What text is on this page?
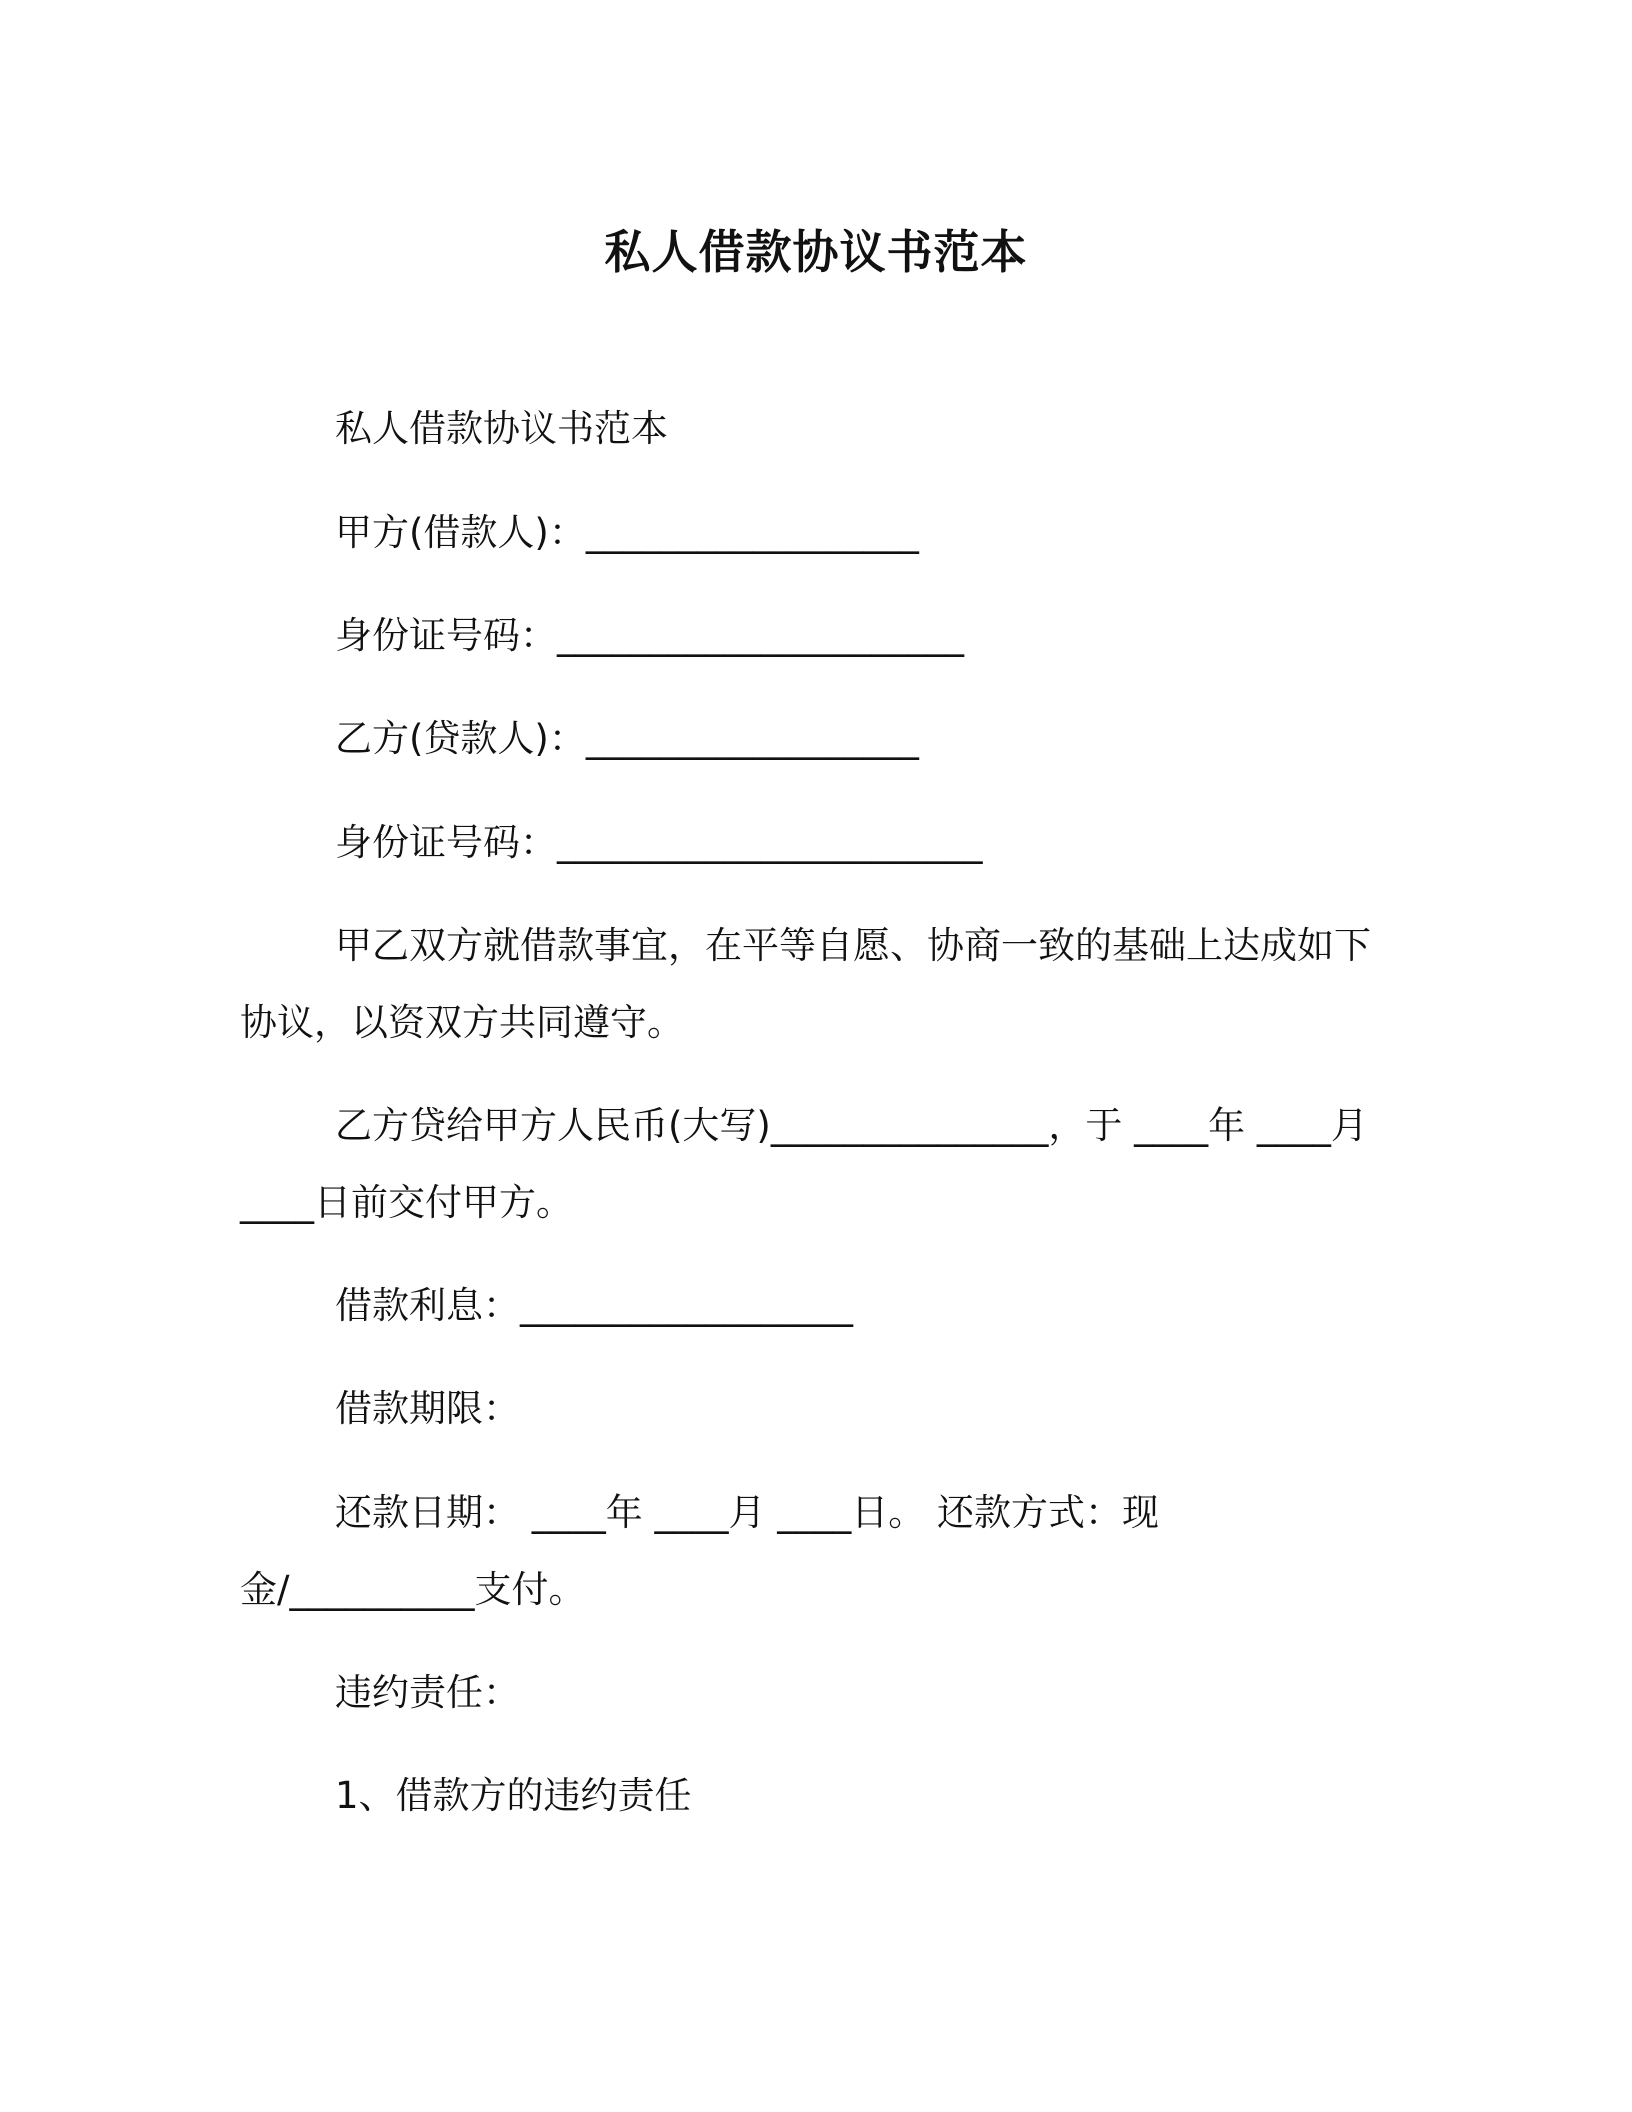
私人借款协议书范本

私人借款协议书范本

甲方(借款人)：__________________

身份证号码：______________________

乙方(贷款人)：__________________

身份证号码：_______________________

甲乙双方就借款事宜，在平等自愿、协商一致的基础上达成如下协议，以资双方共同遵守。

乙方贷给甲方人民币(大写)_______________，于 ____年 ____月 ____日前交付甲方。

借款利息：__________________

借款期限：

还款日期： ____年 ____月 ____日。 还款方式：现金/__________支付。

违约责任：

1、借款方的违约责任
